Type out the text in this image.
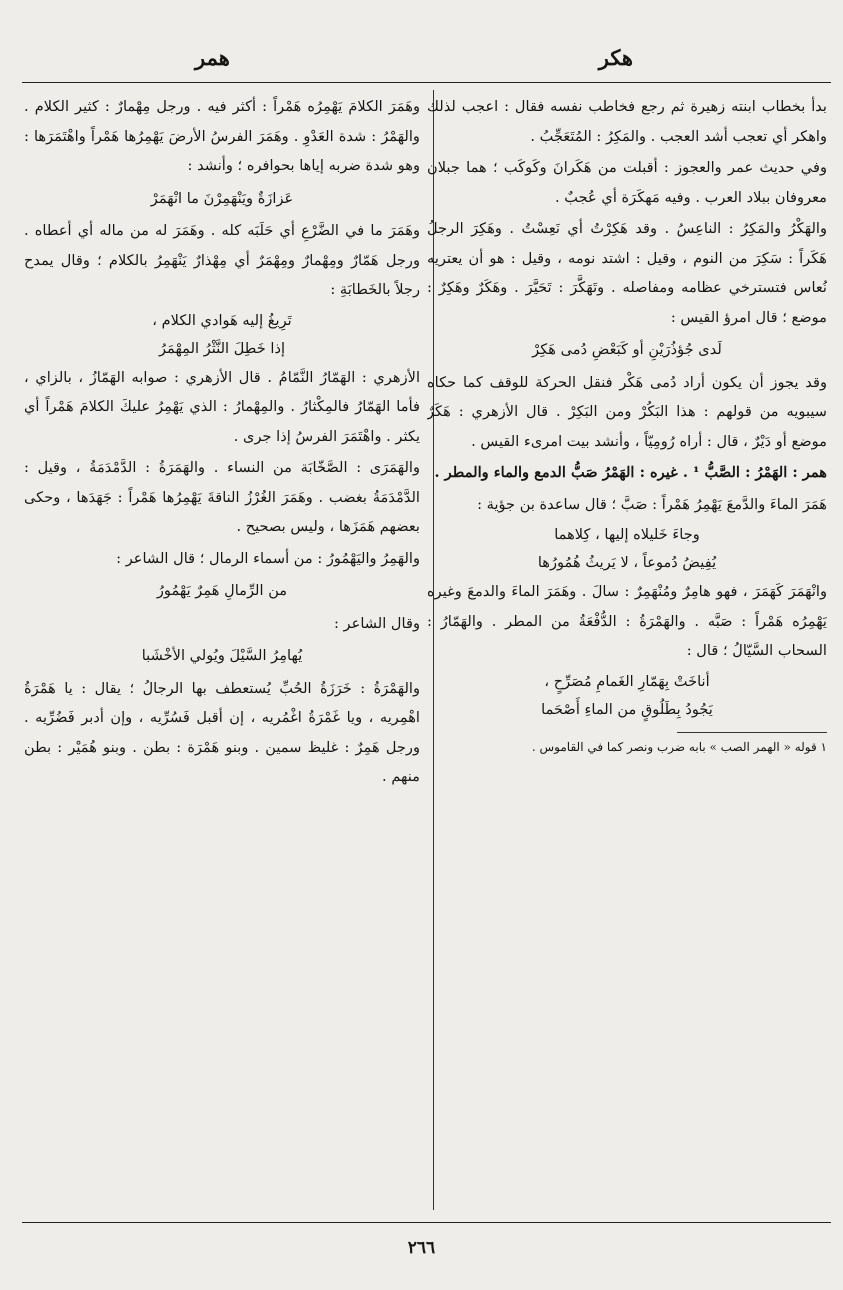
هكر
همر

بدأ بخطاب ابنته زهيرة ثم رجع فخاطب نفسه فقال : اعجب لذلك واهكر أي تعجب أشد العجب . والمَكِرُ : المُتَعَجِّبُ .

وفي حديث عمر والعجوز : أقبلت من هَكَرانَ وكَوكَب ؛ هما جبلان معروفان ببلاد العرب . وفيه مَهكَرَة أي عُجبٌ .

والهَكْرُ والمَكِرُ : الناعِسُ . وقد هَكِرْتُ أي نَعِسْتُ . وهَكِرَ الرجلُ هَكَراً : سَكِرَ من النوم ، وقيل : اشتد نومه ، وقيل : هو أن يعتريه نُعاس فتسترخي عظامه ومفاصله . وتَهَكَّرَ : تَحَيَّرَ . وهَكَرٌ وهَكِرٌ : موضع ؛ قال امرؤ القيس :

لَدى جُؤذُرَيْنِ أو كَبَعْضِ دُمى هَكِرْ

وقد يجوز أن يكون أراد دُمى هَكْر فنقل الحركة للوقف كما حكاه سيبويه من قولهم : هذا البَكُرْ ومن البَكِرْ . قال الأزهري : هَكَرٌ موضع أو دَيْرٌ ، قال : أراه رُومِيّاً ، وأنشد بيت امرىء القيس .

همر : الهَمْرُ : الصَّبُّ ¹ . غيره : الهَمْرُ صَبُّ الدمع والماء والمطر .

هَمَرَ الماءَ والدَّمعَ يَهْمِرُ هَمْراً : صَبَّ ؛ قال ساعدة بن جؤية :

وجاءَ خَليلاه إليها ، كِلاهما

يُفِيضُ دُموعاً ، لا يَريثُ هُمُورُها

وانْهَمَرَ كَهَمَرَ ، فهو هامِرٌ ومُنْهَمِرٌ : سالَ . وهَمَرَ الماءَ والدمعَ وغيره يَهْمِرُه هَمْراً : صَبَّه . والهَمْرَةُ : الدُّفْعَةُ من المطر . والهَمّارُ : السحاب السَّيّالُ ؛ قال :

أناخَتْ بِهَمّارِ الغَمامِ مُصَرِّحٍ ،

يَجُودُ بِطَلُوقٍ من الماءِ أَصْحَما

١ قوله « الهمر الصب » بابه ضرب ونصر كما في القاموس .

وهَمَرَ الكلامَ يَهْمِرُه هَمْراً : أكثر فيه . ورجل مِهْمارٌ : كثير الكلام . والهَمْرُ : شدة العَدْوِ . وهَمَرَ الفرسُ الأرضَ يَهْمِرُها هَمْراً واهْتَمَرَها : وهو شدة ضربه إياها بحوافره ؛ وأنشد :

عَزازَةٌ ويَنْهَمِرْنَ ما انْهَمَرْ

وهَمَرَ ما في الضَّرْعِ أي حَلَبَه كله . وهَمَرَ له من ماله أي أعطاه . ورجل هَمّارٌ ومِهْمارٌ ومِهْمَرٌ أي مِهْذارٌ يَنْهَمِرُ بالكلام ؛ وقال يمدح رجلاً بالخَطابَةِ :

تَرِيغُ إليه هَوادي الكلام ،

إذا خَطِلَ النَّثْرُ المِهْمَرُ

الأزهري : الهَمّارُ النَّمّامُ . قال الأزهري : صوابه الهَمّازُ ، بالزاي ، فأما الهَمّارُ فالمِكْثارُ . والمِهْمارُ : الذي يَهْمِرُ عليكَ الكلامَ هَمْراً أي يكثر . واهْتَمَرَ الفرسُ إذا جرى .

والهَمَرَى : الصَّخّابَة من النساء . والهَمَرَةُ : الدَّمْدَمَةُ ، وقيل : الدَّمْدَمَةُ بغضب . وهَمَرَ الغُرْزُ الناقةَ يَهْمِرُها هَمْراً : جَهَدَها ، وحكى بعضهم هَمَزَها ، وليس بصحيح .

والهَمِرُ واليَهْمُورُ : من أسماء الرمال ؛ قال الشاعر :

من الرِّمالِ هَمِرٌ يَهْمُورُ

وقال الشاعر :

يُهامِرُ السَّيْلَ ويُولي الأخْشَبا

والهَمْرَةُ : خَرَزَةُ الحُبِّ يُستعطف بها الرجالُ ؛ يقال : يا هَمْرَةُ اهْمِريه ، ويا غَمْرَةُ اغْمُريه ، إن أقبل فَسُرِّيه ، وإن أدبر فَضُرِّيه . ورجل هَمِرٌ : غليظ سمين . وبنو هَمْرَة : بطن . وبنو هُمَيْر : بطن منهم .

٢٦٦
